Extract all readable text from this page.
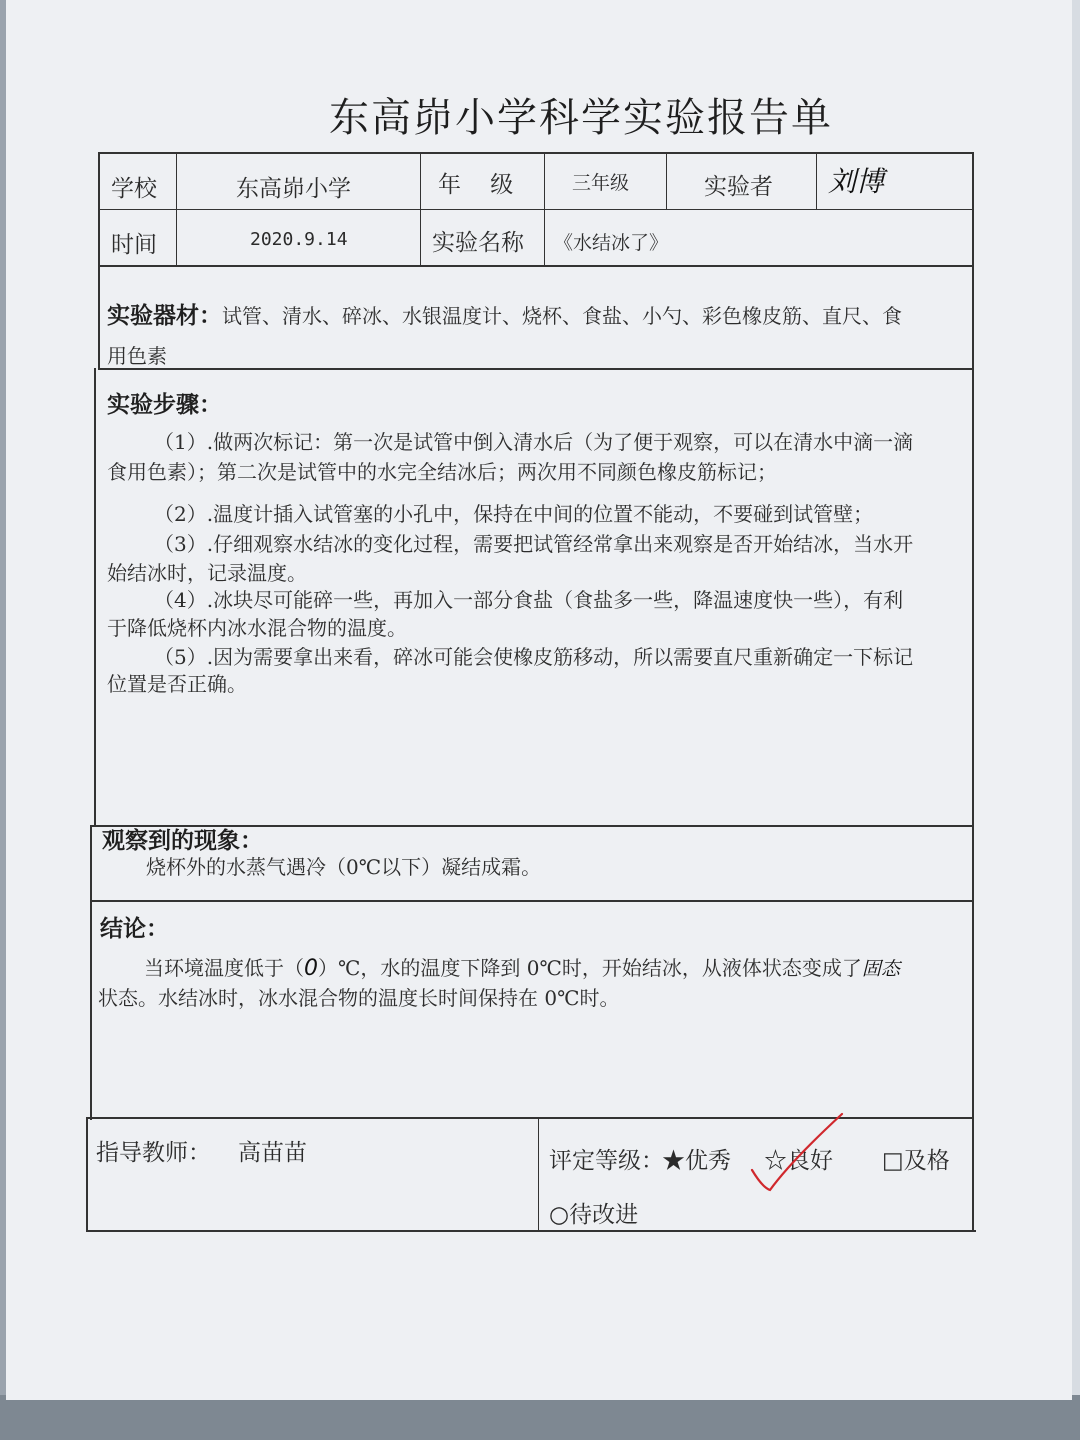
东高峁小学科学实验报告单
学校	东高峁小学	年    级	三年级	实验者 刘博
时间	2020.9.14	实验名称 《水结冰了》
实验器材：试管、清水、碎冰、水银温度计、烧杯、食盐、小勺、彩色橡皮筋、直尺、食
用色素
实验步骤：
（1）.做两次标记：第一次是试管中倒入清水后（为了便于观察，可以在清水中滴一滴
食用色素）；第二次是试管中的水完全结冰后；两次用不同颜色橡皮筋标记；
（2）.温度计插入试管塞的小孔中，保持在中间的位置不能动，不要碰到试管壁；
（3）.仔细观察水结冰的变化过程，需要把试管经常拿出来观察是否开始结冰，当水开
始结冰时，记录温度。
（4）.冰块尽可能碎一些，再加入一部分食盐（食盐多一些，降温速度快一些），有利
于降低烧杯内冰水混合物的温度。
（5）.因为需要拿出来看，碎冰可能会使橡皮筋移动，所以需要直尺重新确定一下标记
位置是否正确。
观察到的现象：
烧杯外的水蒸气遇冷（0℃以下）凝结成霜。
结论：
当环境温度低于（0）℃，水的温度下降到 0℃时，开始结冰，从液体状态变成了固态
状态。水结冰时，冰水混合物的温度长时间保持在 0℃时。
指导教师： 高苗苗	评定等级：
★优秀 ☆良好 □及格
○待改进
